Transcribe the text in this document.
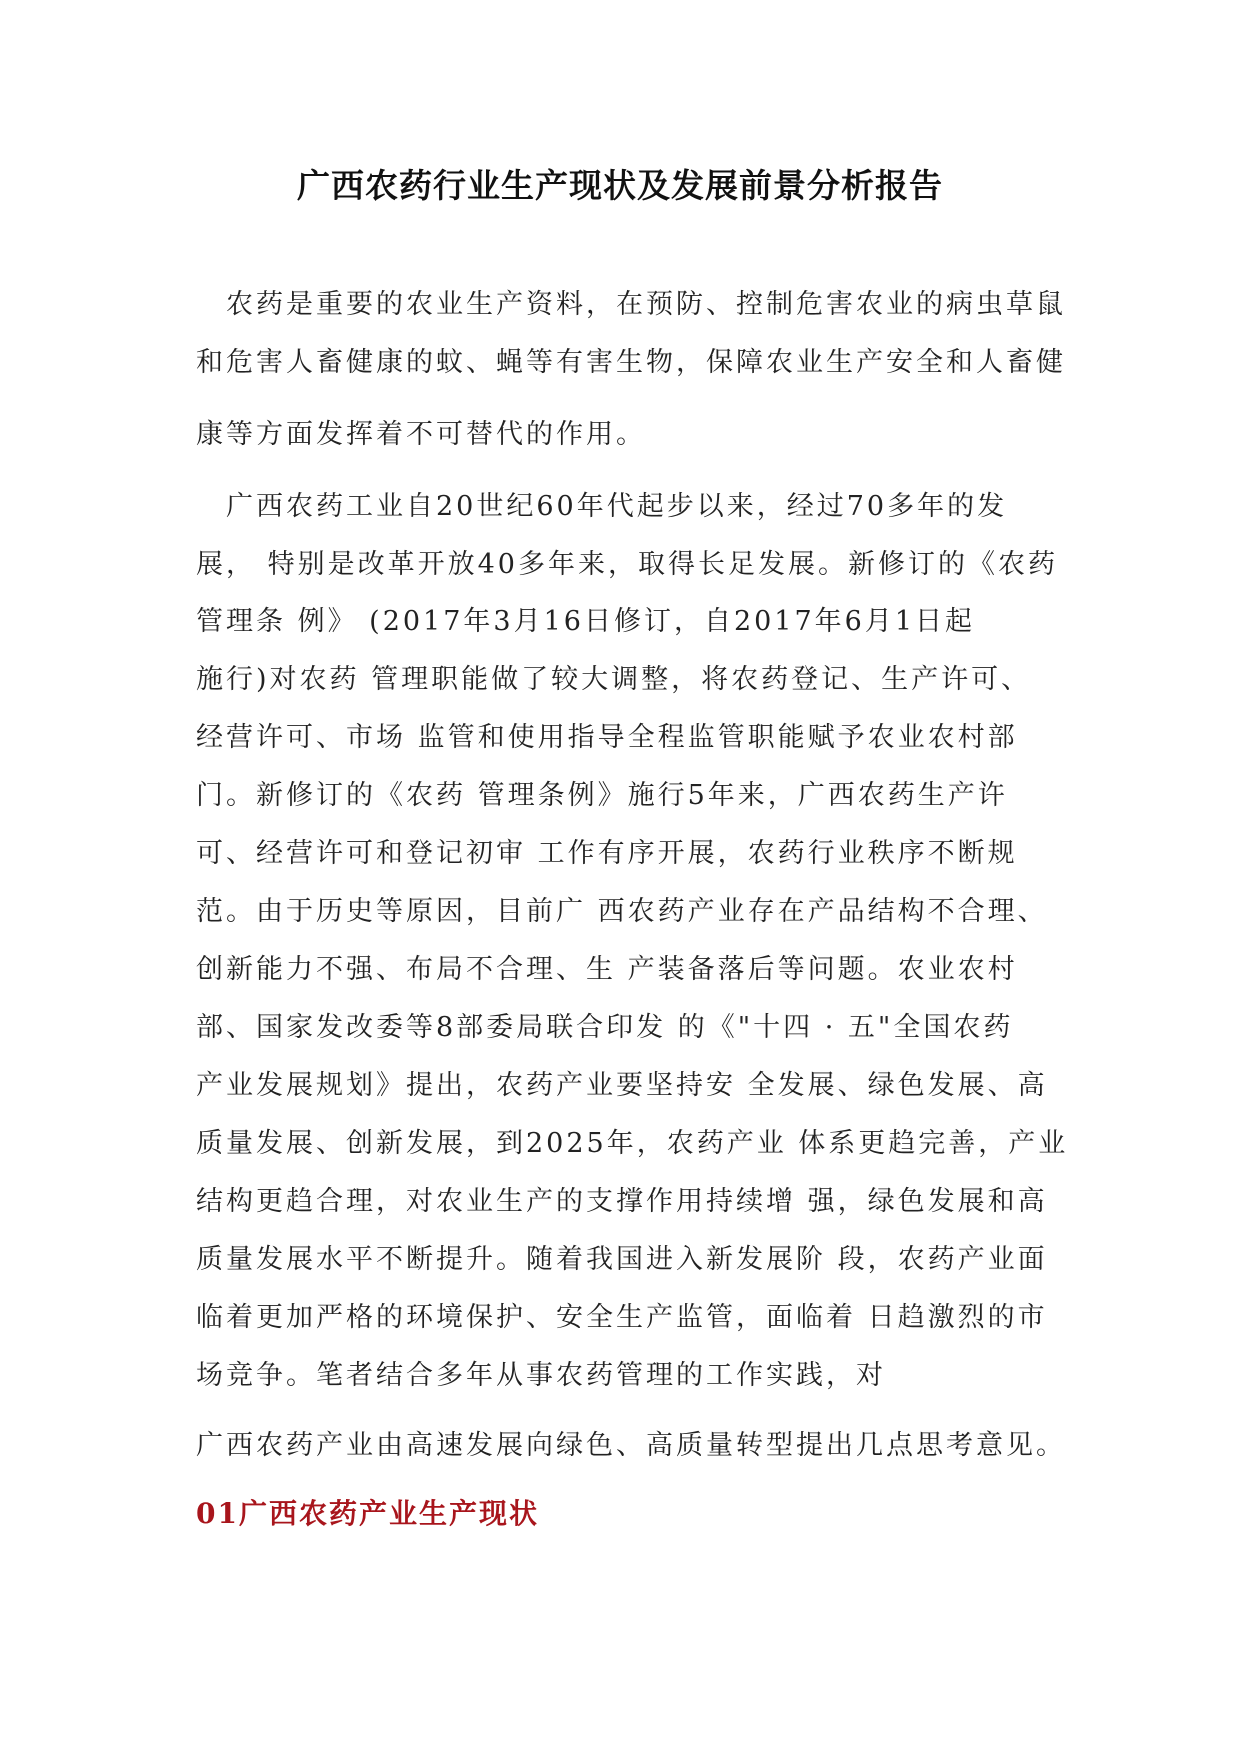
广西农药行业生产现状及发展前景分析报告

　农药是重要的农业生产资料，在预防、控制危害农业的病虫草鼠

和危害人畜健康的蚊、蝇等有害生物，保障农业生产安全和人畜健

康等方面发挥着不可替代的作用。

　广西农药工业自20世纪60年代起步以来，经过70多年的发

展， 特别是改革开放40多年来，取得长足发展。新修订的《农药

管理条 例》 (2017年3月16日修订，自2017年6月1日起

施行)对农药 管理职能做了较大调整，将农药登记、生产许可、

经营许可、市场 监管和使用指导全程监管职能赋予农业农村部

门。新修订的《农药 管理条例》施行5年来，广西农药生产许

可、经营许可和登记初审 工作有序开展，农药行业秩序不断规

范。由于历史等原因，目前广 西农药产业存在产品结构不合理、

创新能力不强、布局不合理、生 产装备落后等问题。农业农村

部、国家发改委等8部委局联合印发 的《"十四 · 五"全国农药

产业发展规划》提出，农药产业要坚持安 全发展、绿色发展、高

质量发展、创新发展，到2025年，农药产业 体系更趋完善，产业

结构更趋合理，对农业生产的支撑作用持续增 强，绿色发展和高

质量发展水平不断提升。随着我国进入新发展阶 段，农药产业面

临着更加严格的环境保护、安全生产监管，面临着 日趋激烈的市

场竞争。笔者结合多年从事农药管理的工作实践，对

广西农药产业由高速发展向绿色、高质量转型提出几点思考意见。

01广西农药产业生产现状
